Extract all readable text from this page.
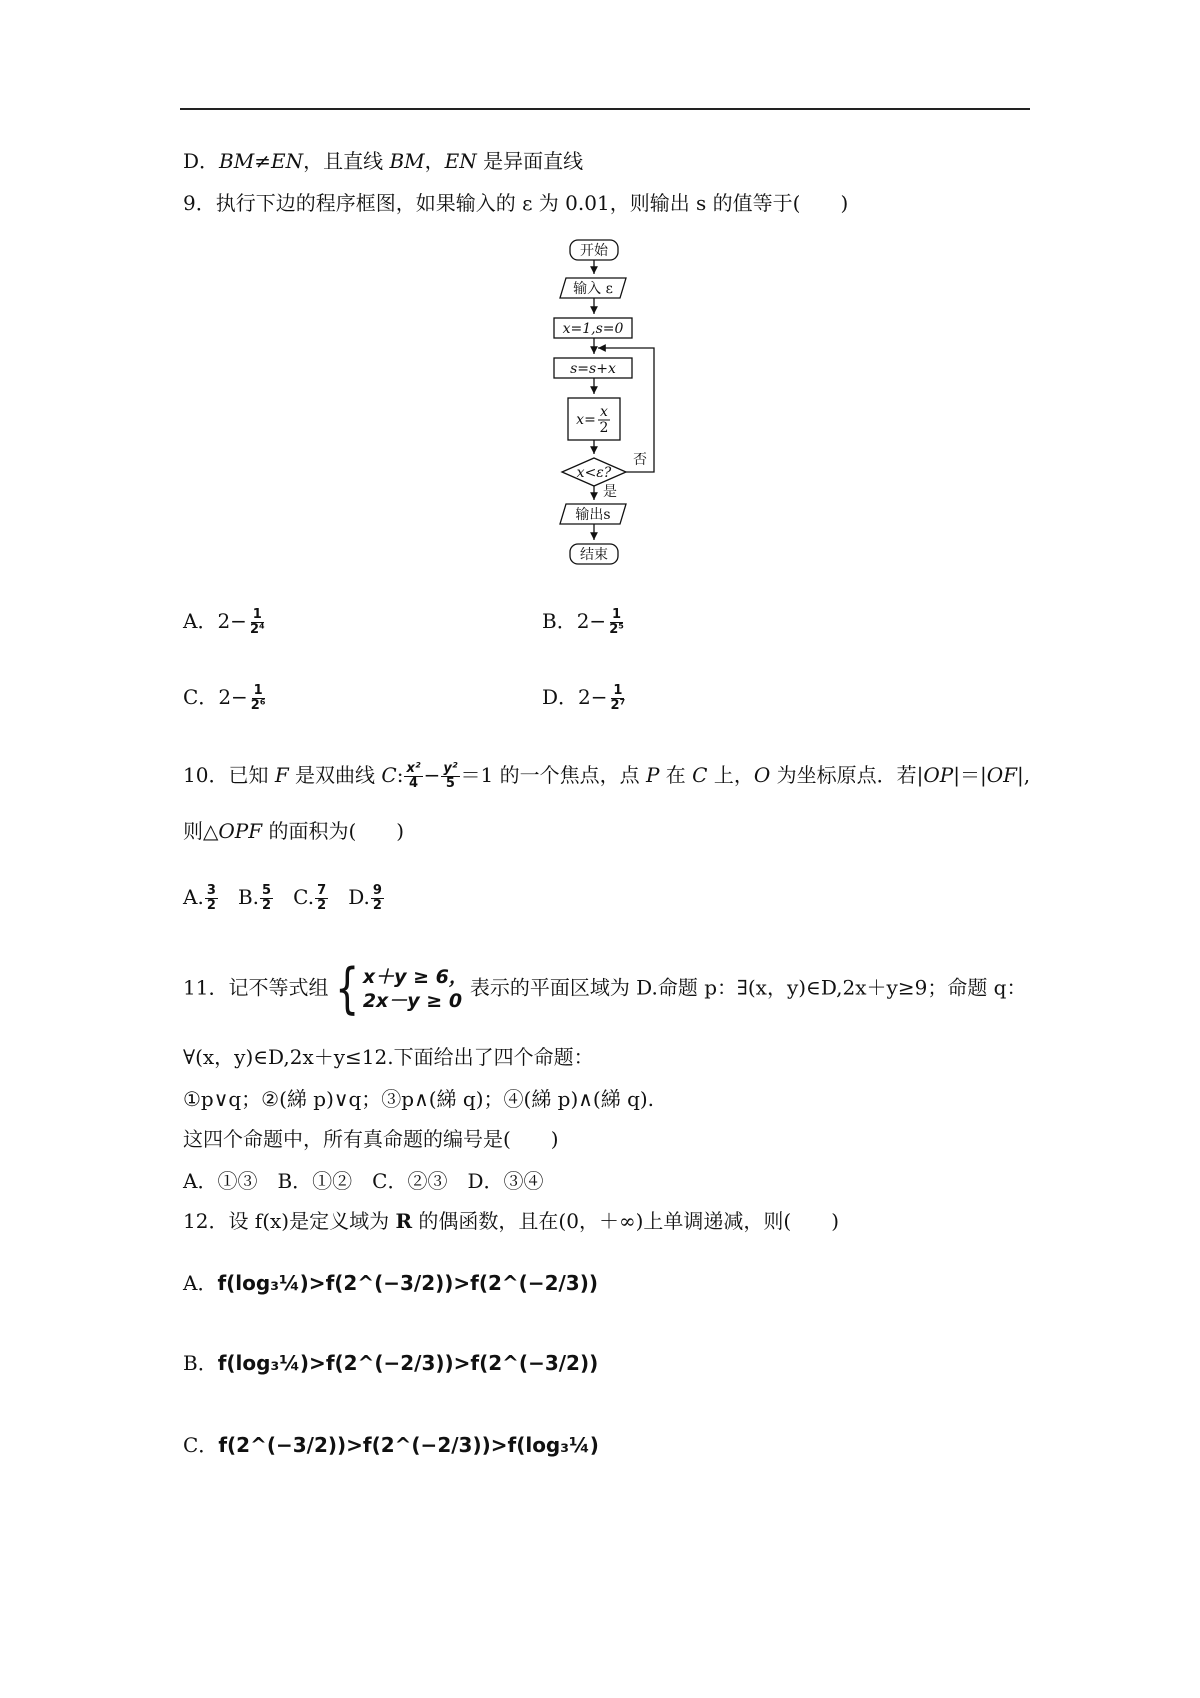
D．BM≠EN，且直线 BM，EN 是异面直线
9．执行下边的程序框图，如果输入的 ε 为 0.01，则输出 s 的值等于(　　)
开始
输入 ε
x=1,s=0
s=s+x
x= x
2
x<ε?
否
是
输出s
结束
A．$2- \frac{1}{\text{2⁴}}$	B．$2- \frac{1}{\text{2⁵}}$
C．$2- \frac{1}{\text{2⁶}}$	D．$2- \frac{1}{\text{2⁷}}$
10．已知 F 是双曲线 C: $\frac{\text{x²}}{4} - \frac{\text{y²}}{5} =1$ 的一个焦点，点 P 在 C 上，O 为坐标原点．若|OP|＝|OF|,
则△OPF 的面积为(　　)
A. $\frac{3}{2} B$. $\frac{5}{2} C$. $\frac{7}{2} D$. $\frac{9}{2}$
11．记不等式组 { x＋y ≥ 6，
2x－y ≥ 0
表示的平面区域为 D.命题 p：∃(x，y)∈D,2x＋y≥9；命题 q：
∀(x，y)∈D,2x＋y≤12.下面给出了四个命题：
①p∨q；②(綈 p)∨q；③p∧(綈 q)；④(綈 p)∧(綈 q).
这四个命题中，所有真命题的编号是(　　)
A．①③　B．①②　C．②③　D．③④
12．设 f(x)是定义域为 R 的偶函数，且在(0，＋∞)上单调递减，则(　　)
A．f(log₃¼)>f(2^(−3/2))>f(2^(−2/3))
B．f(log₃¼)>f(2^(−2/3))>f(2^(−3/2))
C．f(2^(−3/2))>f(2^(−2/3))>f(log₃¼)
